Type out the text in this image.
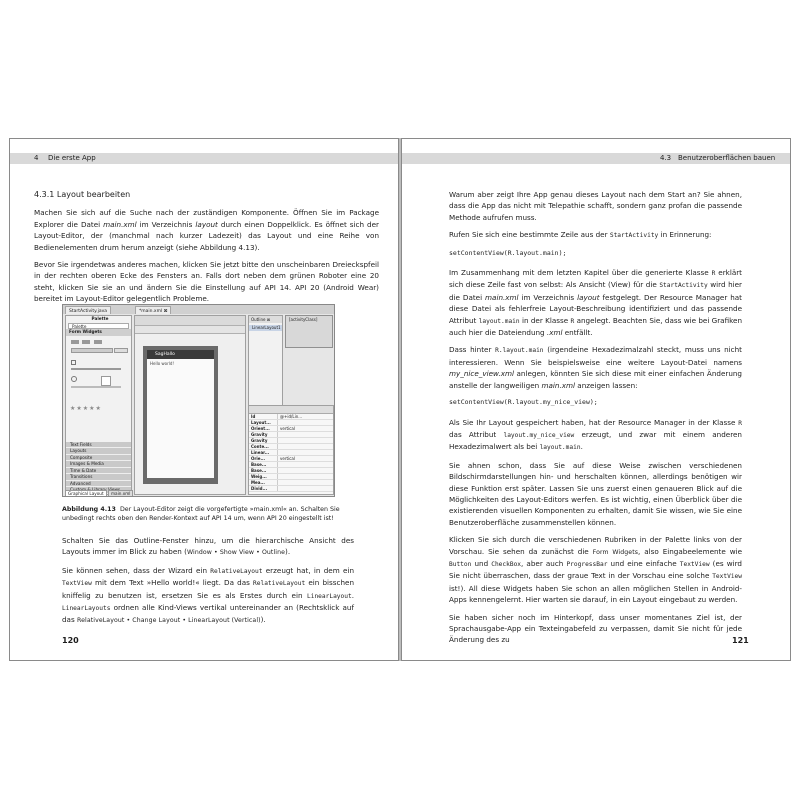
4 Die erste App
4.3.1 Layout bearbeiten

Machen Sie sich auf die Suche nach der zuständigen Komponente. Öffnen Sie im Package Explorer die Datei main.xml im Verzeichnis layout durch einen Doppelklick. Es öffnet sich der Layout-Editor, der (manchmal nach kurzer Ladezeit) das Layout und eine Reihe von Bedienelementen drum herum anzeigt (siehe Abbildung 4.13).

Bevor Sie irgendetwas anderes machen, klicken Sie jetzt bitte den unscheinbaren Dreieckspfeil in der rechten oberen Ecke des Fensters an. Falls dort neben dem grünen Roboter eine 20 steht, klicken Sie sie an und ändern Sie die Einstellung auf API 14. API 20 (Android Wear) bereitet im Layout-Editor gelegentlich Probleme.

StartActivity.java	*main.xml ⊠
Palette
Palette
Form Widgets
★★★★★
Text Fields
Layouts
Composite
Images & Media
Time & Date
Transitions
Advanced
SagHallo
Hello world!
Outline ⊠
LinearLayout1
[activityClass]
Id	@+id/Lin...
Layout...
Orient...	vertical
Gravity
Gravity
Conte...
Linear...
Orie...	vertical
Base...
Base...
Weig...
Mea...
Divid...
Graphical Layout main.xml
Abbildung 4.13 Der Layout-Editor zeigt die vorgefertigte »main.xml« an. Schalten Sie unbedingt rechts oben den Render-Kontext auf API 14 um, wenn API 20 eingestellt ist!

Schalten Sie das Outline-Fenster hinzu, um die hierarchische Ansicht des Layouts immer im Blick zu haben (Window • Show View • Outline).

Sie können sehen, dass der Wizard ein RelativeLayout erzeugt hat, in dem ein TextView mit dem Text »Hello world!« liegt. Da das RelativeLayout ein bisschen kniffelig zu benutzen ist, ersetzen Sie es als Erstes durch ein LinearLayout. LinearLayouts ordnen alle Kind-Views vertikal untereinander an (Rechtsklick auf das RelativeLayout • Change Layout • LinearLayout (Vertical)).

120
4.3 Benutzeroberflächen bauen

Warum aber zeigt Ihre App genau dieses Layout nach dem Start an? Sie ahnen, dass die App das nicht mit Telepathie schafft, sondern ganz profan die passende Methode aufrufen muss.

Rufen Sie sich eine bestimmte Zeile aus der StartActivity in Erinnerung:

setContentView(R.layout.main);

Im Zusammenhang mit dem letzten Kapitel über die generierte Klasse R erklärt sich diese Zeile fast von selbst: Als Ansicht (View) für die StartActivity wird hier die Datei main.xml im Verzeichnis layout festgelegt. Der Resource Manager hat diese Datei als fehlerfreie Layout-Beschreibung identifiziert und das passende Attribut layout.main in der Klasse R angelegt. Beachten Sie, dass wie bei Grafiken auch hier die Dateiendung .xml entfällt.

Dass hinter R.layout.main (irgendeine Hexadezimalzahl steckt, muss uns nicht interessieren. Wenn Sie beispielsweise eine weitere Layout-Datei namens my_nice_view.xml anlegen, könnten Sie sich diese mit einer einfachen Änderung anstelle der langweiligen main.xml anzeigen lassen:

setContentView(R.layout.my_nice_view);

Als Sie Ihr Layout gespeichert haben, hat der Resource Manager in der Klasse R das Attribut layout.my_nice_view erzeugt, und zwar mit einem anderen Hexadezimalwert als bei layout.main.

Sie ahnen schon, dass Sie auf diese Weise zwischen verschiedenen Bildschirmdarstellungen hin- und herschalten können, allerdings benötigen wir diese Funktion erst später. Lassen Sie uns zuerst einen genaueren Blick auf die Möglichkeiten des Layout-Editors werfen. Es ist wichtig, einen Überblick über die existierenden visuellen Komponenten zu erhalten, damit Sie wissen, wie Sie eine Benutzeroberfläche zusammenstellen können.

Klicken Sie sich durch die verschiedenen Rubriken in der Palette links von der Vorschau. Sie sehen da zunächst die Form Widgets, also Eingabeelemente wie Button und CheckBox, aber auch ProgressBar und eine einfache TextView (es wird Sie nicht überraschen, dass der graue Text in der Vorschau eine solche TextView ist!). All diese Widgets haben Sie schon an allen möglichen Stellen in Android-Apps kennengelernt. Hier warten sie darauf, in ein Layout eingebaut zu werden.

Sie haben sicher noch im Hinterkopf, dass unser momentanes Ziel ist, der Sprachausgabe-App ein Texteingabefeld zu verpassen, damit Sie nicht für jede Änderung des zu	121
